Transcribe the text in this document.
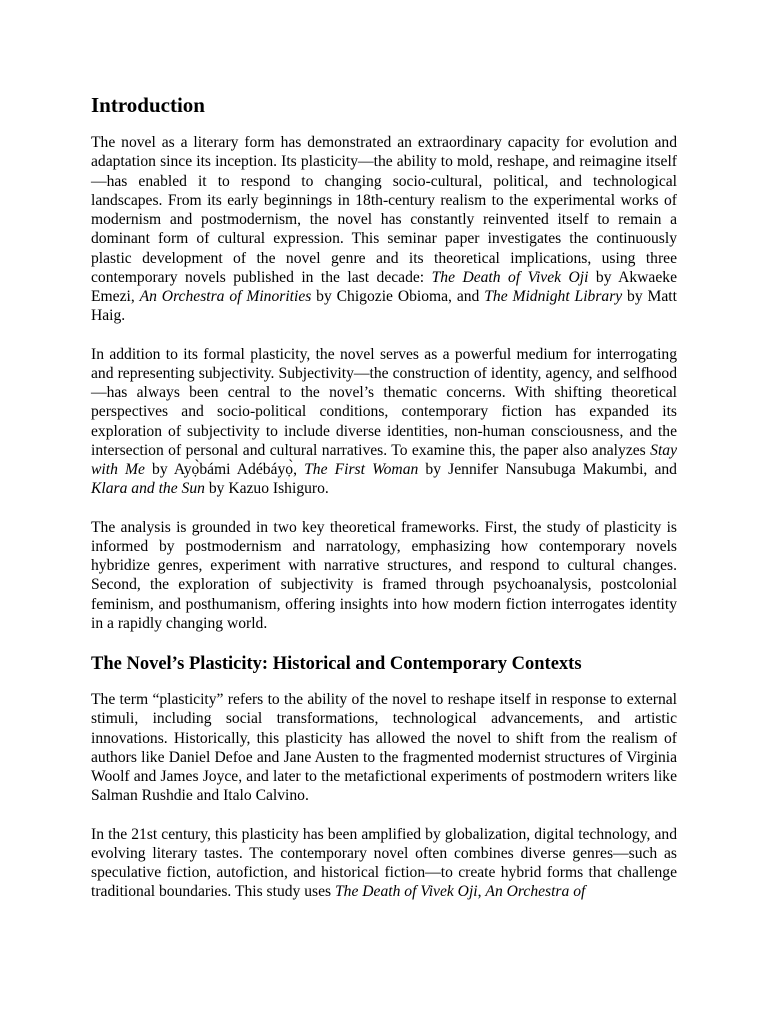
Introduction

The novel as a literary form has demonstrated an extraordinary capacity for evolution and adaptation since its inception. Its plasticity—the ability to mold, reshape, and reimagine itself—has enabled it to respond to changing socio-cultural, political, and technological landscapes. From its early beginnings in 18th-century realism to the experimental works of modernism and postmodernism, the novel has constantly reinvented itself to remain a dominant form of cultural expression. This seminar paper investigates the continuously plastic development of the novel genre and its theoretical implications, using three contemporary novels published in the last decade: The Death of Vivek Oji by Akwaeke Emezi, An Orchestra of Minorities by Chigozie Obioma, and The Midnight Library by Matt Haig.

In addition to its formal plasticity, the novel serves as a powerful medium for interrogating and representing subjectivity. Subjectivity—the construction of identity, agency, and selfhood—has always been central to the novel’s thematic concerns. With shifting theoretical perspectives and socio-political conditions, contemporary fiction has expanded its exploration of subjectivity to include diverse identities, non-human consciousness, and the intersection of personal and cultural narratives. To examine this, the paper also analyzes Stay with Me by Ayọ̀bámi Adébáyọ̀, The First Woman by Jennifer Nansubuga Makumbi, and Klara and the Sun by Kazuo Ishiguro.

The analysis is grounded in two key theoretical frameworks. First, the study of plasticity is informed by postmodernism and narratology, emphasizing how contemporary novels hybridize genres, experiment with narrative structures, and respond to cultural changes. Second, the exploration of subjectivity is framed through psychoanalysis, postcolonial feminism, and posthumanism, offering insights into how modern fiction interrogates identity in a rapidly changing world.

The Novel’s Plasticity: Historical and Contemporary Contexts

The term “plasticity” refers to the ability of the novel to reshape itself in response to external stimuli, including social transformations, technological advancements, and artistic innovations. Historically, this plasticity has allowed the novel to shift from the realism of authors like Daniel Defoe and Jane Austen to the fragmented modernist structures of Virginia Woolf and James Joyce, and later to the metafictional experiments of postmodern writers like Salman Rushdie and Italo Calvino.

In the 21st century, this plasticity has been amplified by globalization, digital technology, and evolving literary tastes. The contemporary novel often combines diverse genres—such as speculative fiction, autofiction, and historical fiction—to create hybrid forms that challenge traditional boundaries. This study uses The Death of Vivek Oji, An Orchestra of
